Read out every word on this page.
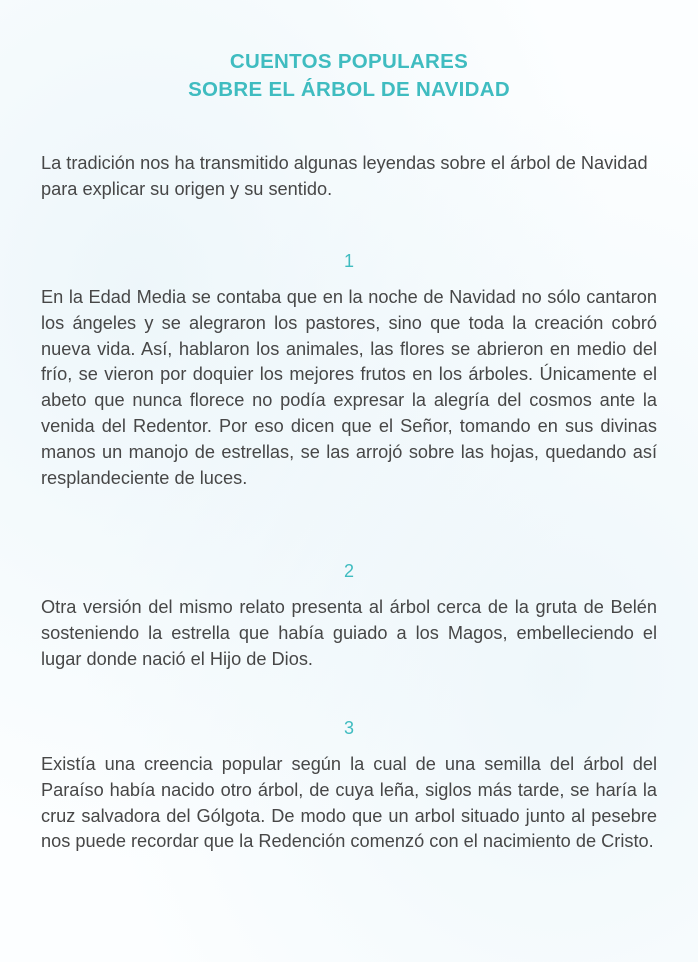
CUENTOS POPULARES
SOBRE EL ÁRBOL DE NAVIDAD

La tradición nos ha transmitido algunas leyendas sobre el árbol de Navidad para explicar su origen y su sentido.

1

En la Edad Media se contaba que en la noche de Navidad no sólo cantaron los ángeles y se alegraron los pastores, sino que toda la creación cobró nueva vida. Así, hablaron los animales, las flores se abrieron en medio del frío, se vieron por doquier los mejores frutos en los árboles. Únicamente el abeto que nunca florece no podía expresar la alegría del cosmos ante la venida del Redentor. Por eso dicen que el Señor, tomando en sus divinas manos un manojo de estrellas, se las arrojó sobre las hojas, quedando así resplandeciente de luces.

2

Otra versión del mismo relato presenta al árbol cerca de la gruta de Belén sosteniendo la estrella que había guiado a los Magos, embelleciendo el lugar donde nació el Hijo de Dios.

3

Existía una creencia popular según la cual de una semilla del árbol del Paraíso había nacido otro árbol, de cuya leña, siglos más tarde, se haría la cruz salvadora del Gólgota. De modo que un arbol situado junto al pesebre nos puede recordar que la Redención comenzó con el nacimiento de Cristo.
